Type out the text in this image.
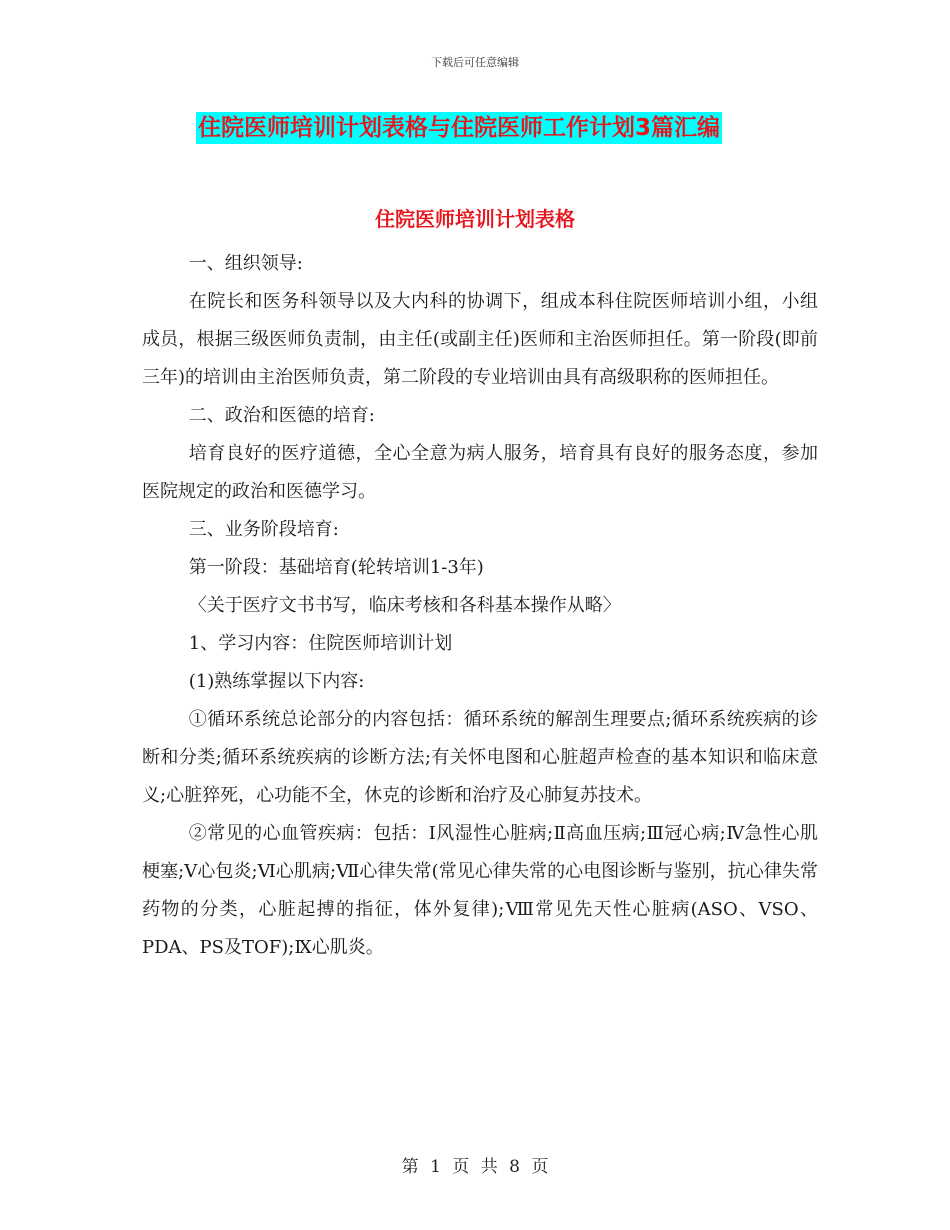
下载后可任意编辑
住院医师培训计划表格与住院医师工作计划3篇汇编
住院医师培训计划表格

一、组织领导:

在院长和医务科领导以及大内科的协调下，组成本科住院医师培训小组，小组成员，根据三级医师负责制，由主任(或副主任)医师和主治医师担任。第一阶段(即前三年)的培训由主治医师负责，第二阶段的专业培训由具有高级职称的医师担任。

二、政治和医德的培育:

培育良好的医疗道德，全心全意为病人服务，培育具有良好的服务态度，参加医院规定的政治和医德学习。

三、业务阶段培育:

第一阶段：基础培育(轮转培训1-3年)

〈关于医疗文书书写，临床考核和各科基本操作从略〉

1、学习内容：住院医师培训计划

(1)熟练掌握以下内容:

①循环系统总论部分的内容包括：循环系统的解剖生理要点;循环系统疾病的诊断和分类;循环系统疾病的诊断方法;有关怀电图和心脏超声检查的基本知识和临床意义;心脏猝死，心功能不全，休克的诊断和治疗及心肺复苏技术。

②常见的心血管疾病：包括：Ⅰ风湿性心脏病;Ⅱ高血压病;Ⅲ冠心病;Ⅳ急性心肌梗塞;Ⅴ心包炎;Ⅵ心肌病;Ⅶ心律失常(常见心律失常的心电图诊断与鉴别，抗心律失常药物的分类，心脏起搏的指征，体外复律);Ⅷ常见先天性心脏病(ASO、VSO、PDA、PS及TOF);Ⅸ心肌炎。

第 1 页 共 8 页
